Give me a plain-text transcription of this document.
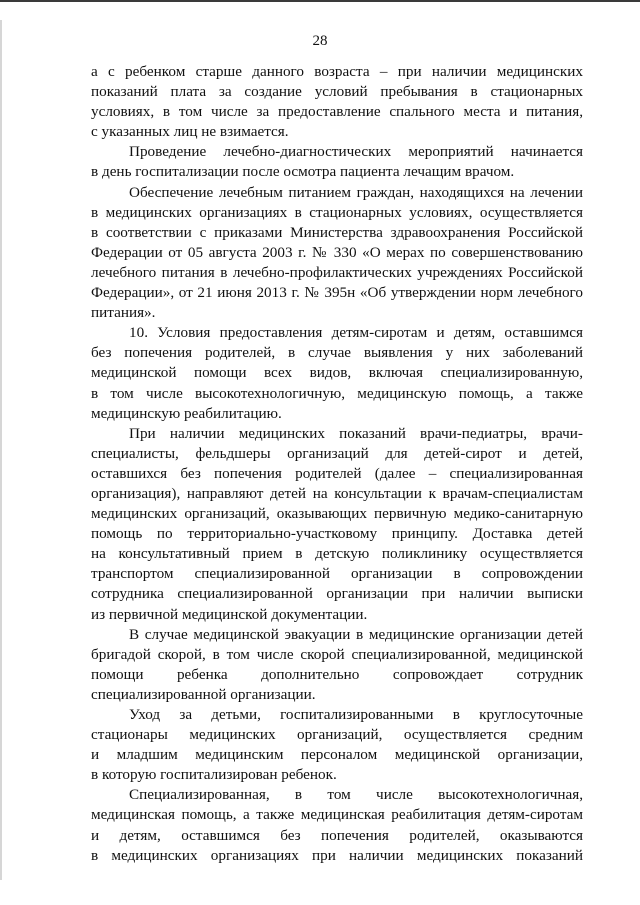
28
а с ребенком старше данного возраста – при наличии медицинских
показаний плата за создание условий пребывания в стационарных
условиях, в том числе за предоставление спального места и питания,
с указанных лиц не взимается.
Проведение лечебно-диагностических мероприятий начинается
в день госпитализации после осмотра пациента лечащим врачом.
Обеспечение лечебным питанием граждан, находящихся на лечении
в медицинских организациях в стационарных условиях, осуществляется
в соответствии с приказами Министерства здравоохранения Российской
Федерации от 05 августа 2003 г. № 330 «О мерах по совершенствованию
лечебного питания в лечебно-профилактических учреждениях Российской
Федерации», от 21 июня 2013 г. № 395н «Об утверждении норм лечебного
питания».
10. Условия предоставления детям-сиротам и детям, оставшимся
без попечения родителей, в случае выявления у них заболеваний
медицинской помощи всех видов, включая специализированную,
в том числе высокотехнологичную, медицинскую помощь, а также
медицинскую реабилитацию.
При наличии медицинских показаний врачи-педиатры, врачи-
специалисты, фельдшеры организаций для детей-сирот и детей,
оставшихся без попечения родителей (далее – специализированная
организация), направляют детей на консультации к врачам-специалистам
медицинских организаций, оказывающих первичную медико-санитарную
помощь по территориально-участковому принципу. Доставка детей
на консультативный прием в детскую поликлинику осуществляется
транспортом специализированной организации в сопровождении
сотрудника специализированной организации при наличии выписки
из первичной медицинской документации.
В случае медицинской эвакуации в медицинские организации детей
бригадой скорой, в том числе скорой специализированной, медицинской
помощи ребенка дополнительно сопровождает сотрудник
специализированной организации.
Уход за детьми, госпитализированными в круглосуточные
стационары медицинских организаций, осуществляется средним
и младшим медицинским персоналом медицинской организации,
в которую госпитализирован ребенок.
Специализированная, в том числе высокотехнологичная,
медицинская помощь, а также медицинская реабилитация детям-сиротам
и детям, оставшимся без попечения родителей, оказываются
в медицинских организациях при наличии медицинских показаний
